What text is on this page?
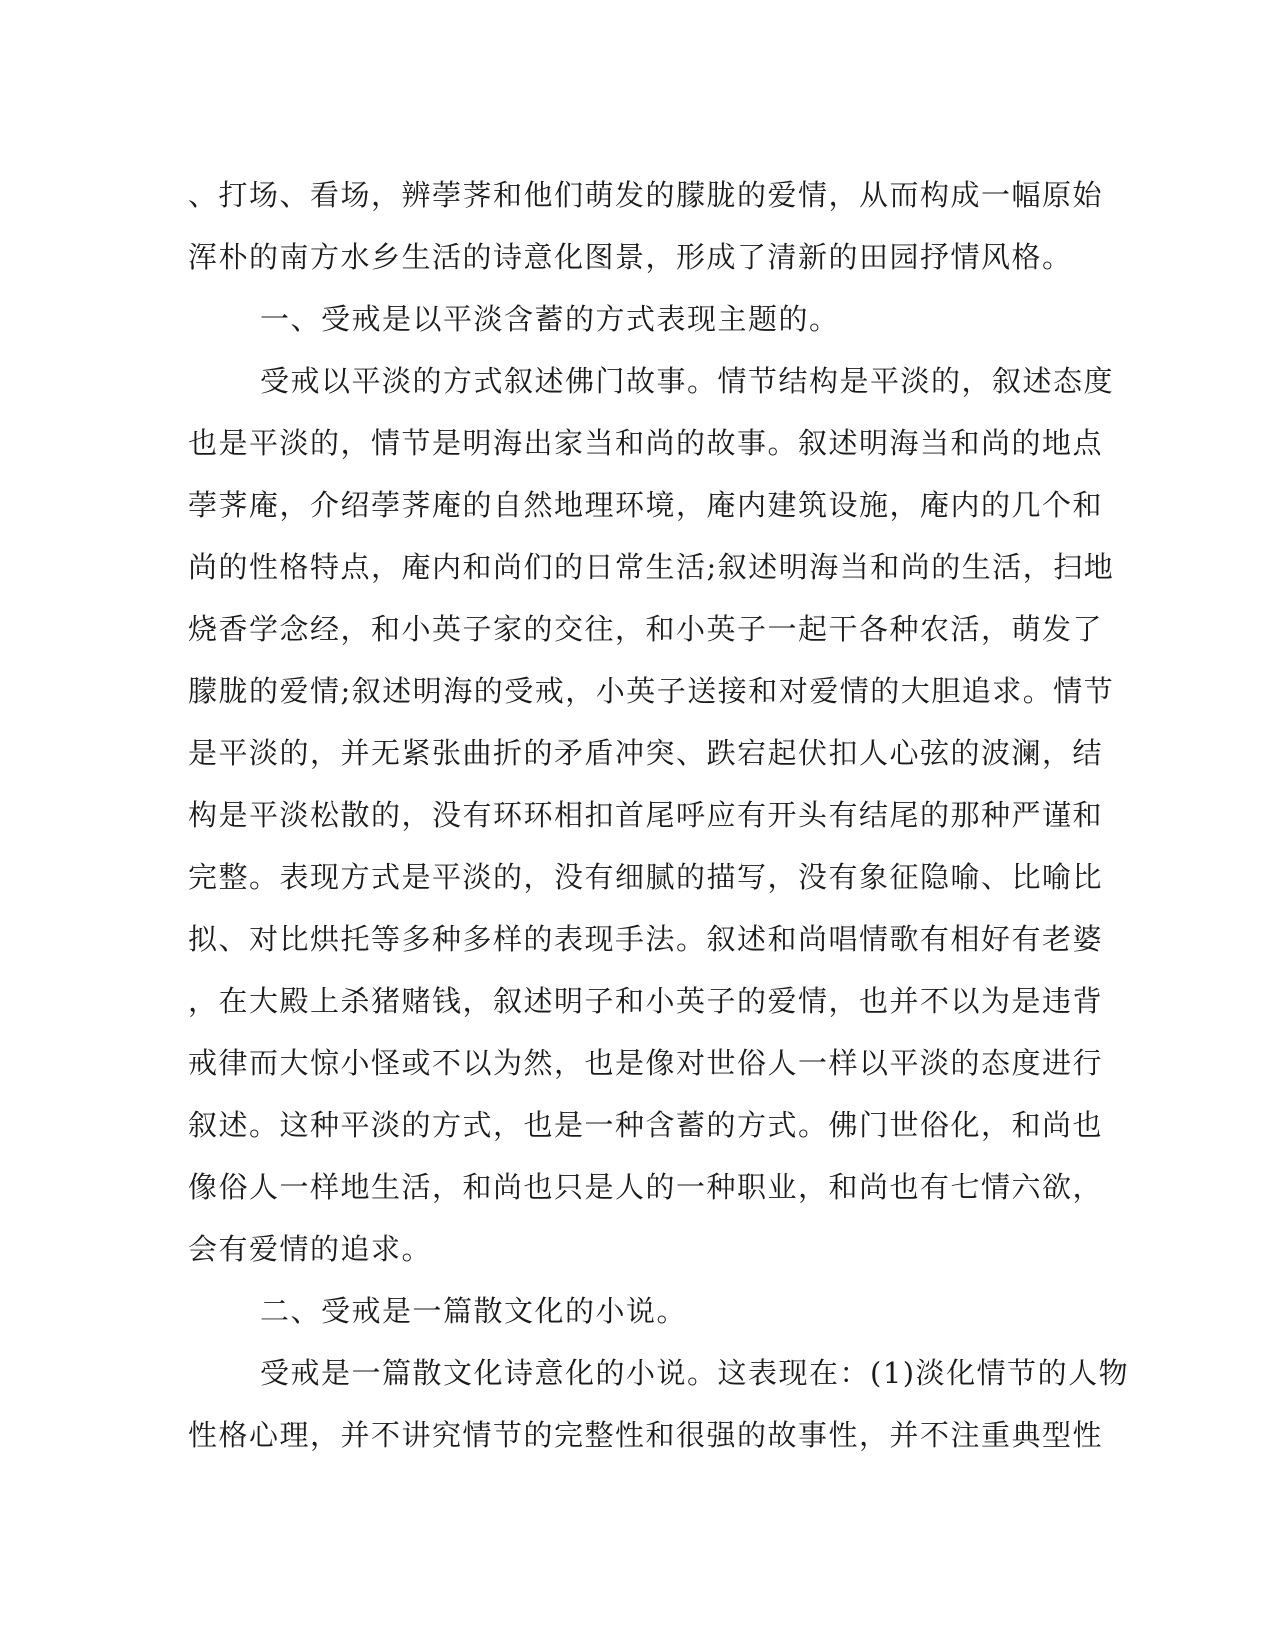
、打场、看场，辨荸荠和他们萌发的朦胧的爱情，从而构成一幅原始
浑朴的南方水乡生活的诗意化图景，形成了清新的田园抒情风格。
一、受戒是以平淡含蓄的方式表现主题的。
受戒以平淡的方式叙述佛门故事。情节结构是平淡的，叙述态度
也是平淡的，情节是明海出家当和尚的故事。叙述明海当和尚的地点
荸荠庵，介绍荸荠庵的自然地理环境，庵内建筑设施，庵内的几个和
尚的性格特点，庵内和尚们的日常生活;叙述明海当和尚的生活，扫地
烧香学念经，和小英子家的交往，和小英子一起干各种农活，萌发了
朦胧的爱情;叙述明海的受戒，小英子送接和对爱情的大胆追求。情节
是平淡的，并无紧张曲折的矛盾冲突、跌宕起伏扣人心弦的波澜，结
构是平淡松散的，没有环环相扣首尾呼应有开头有结尾的那种严谨和
完整。表现方式是平淡的，没有细腻的描写，没有象征隐喻、比喻比
拟、对比烘托等多种多样的表现手法。叙述和尚唱情歌有相好有老婆
，在大殿上杀猪赌钱，叙述明子和小英子的爱情，也并不以为是违背
戒律而大惊小怪或不以为然，也是像对世俗人一样以平淡的态度进行
叙述。这种平淡的方式，也是一种含蓄的方式。佛门世俗化，和尚也
像俗人一样地生活，和尚也只是人的一种职业，和尚也有七情六欲，
会有爱情的追求。
二、受戒是一篇散文化的小说。
受戒是一篇散文化诗意化的小说。这表现在：(1)淡化情节的人物
性格心理，并不讲究情节的完整性和很强的故事性，并不注重典型性
